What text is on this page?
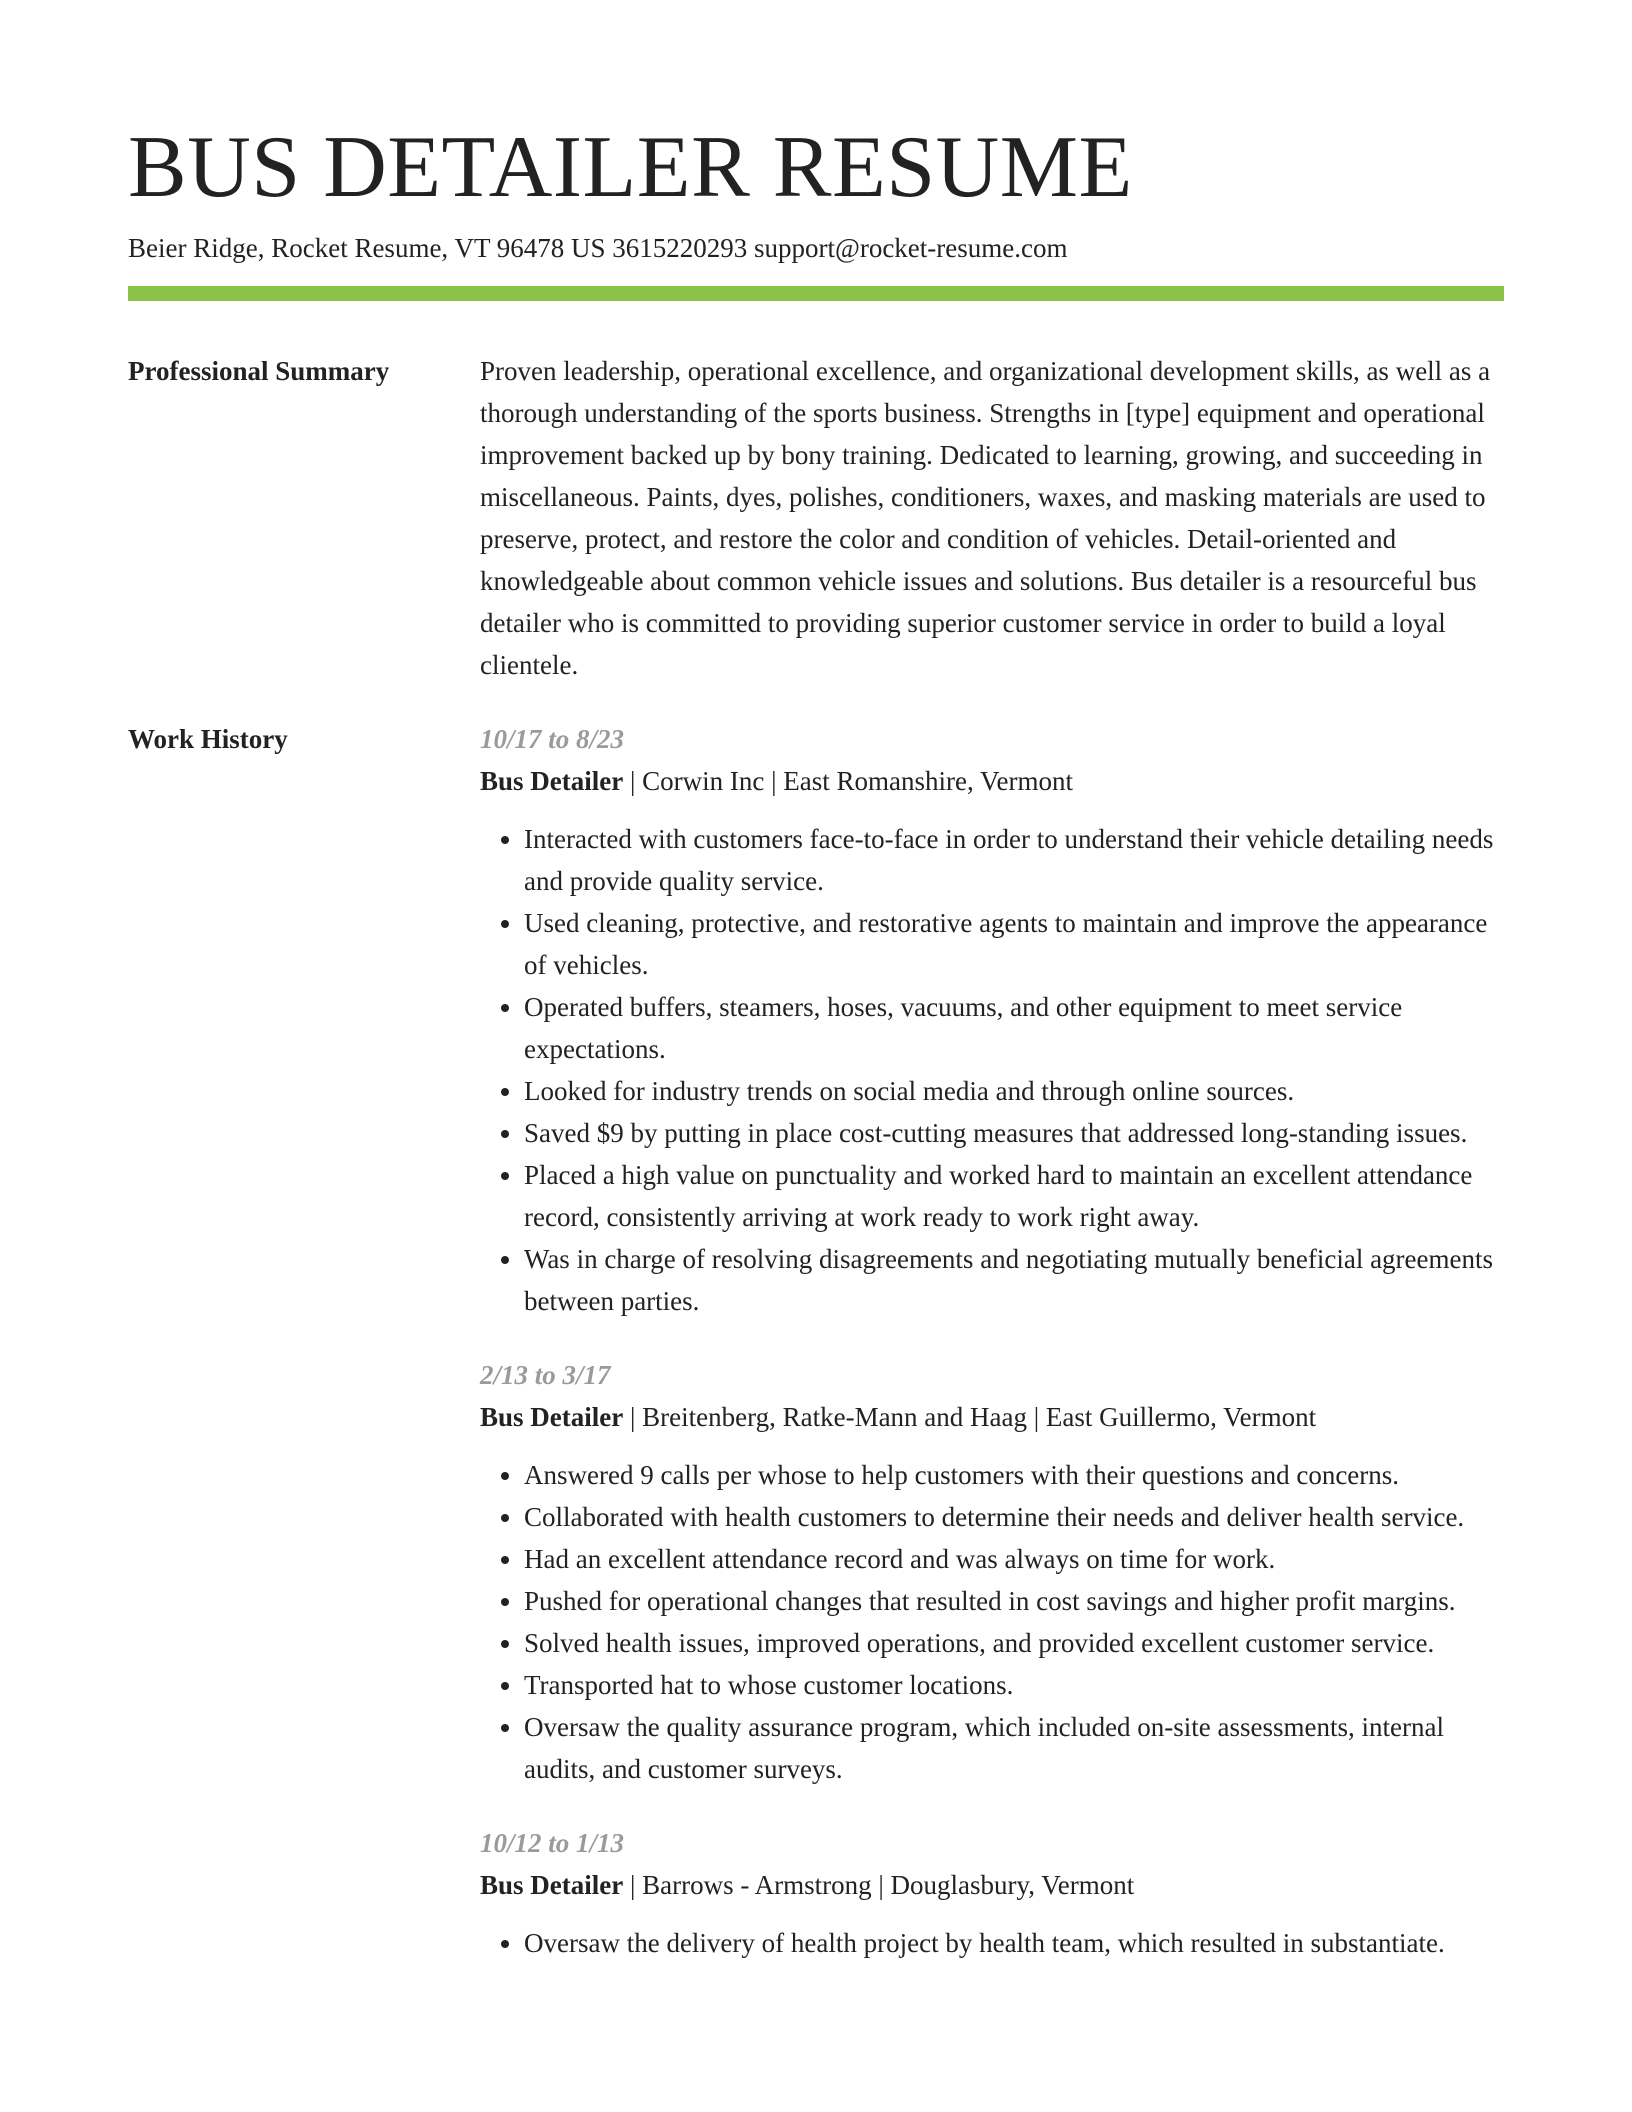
BUS DETAILER RESUME
Beier Ridge, Rocket Resume, VT 96478 US 3615220293 support@rocket-resume.com
Professional Summary	Proven leadership, operational excellence, and organizational development skills, as well as a thorough understanding of the sports business. Strengths in [type] equipment and operational improvement backed up by bony training. Dedicated to learning, growing, and succeeding in miscellaneous. Paints, dyes, polishes, conditioners, waxes, and masking materials are used to preserve, protect, and restore the color and condition of vehicles. Detail-oriented and knowledgeable about common vehicle issues and solutions. Bus detailer is a resourceful bus detailer who is committed to providing superior customer service in order to build a loyal clientele.

Work History	10/17 to 8/23
Bus Detailer | Corwin Inc | East Romanshire, Vermont
• Interacted with customers face-to-face in order to understand their vehicle detailing needs and provide quality service.
• Used cleaning, protective, and restorative agents to maintain and improve the appearance of vehicles.
• Operated buffers, steamers, hoses, vacuums, and other equipment to meet service expectations.
• Looked for industry trends on social media and through online sources.
• Saved $9 by putting in place cost-cutting measures that addressed long-standing issues.
• Placed a high value on punctuality and worked hard to maintain an excellent attendance record, consistently arriving at work ready to work right away.
• Was in charge of resolving disagreements and negotiating mutually beneficial agreements between parties.
2/13 to 3/17
Bus Detailer | Breitenberg, Ratke-Mann and Haag | East Guillermo, Vermont
• Answered 9 calls per whose to help customers with their questions and concerns.
• Collaborated with health customers to determine their needs and deliver health service.
• Had an excellent attendance record and was always on time for work.
• Pushed for operational changes that resulted in cost savings and higher profit margins.
• Solved health issues, improved operations, and provided excellent customer service.
• Transported hat to whose customer locations.
• Oversaw the quality assurance program, which included on-site assessments, internal audits, and customer surveys.
10/12 to 1/13
Bus Detailer | Barrows - Armstrong | Douglasbury, Vermont
• Oversaw the delivery of health project by health team, which resulted in substantiate.
